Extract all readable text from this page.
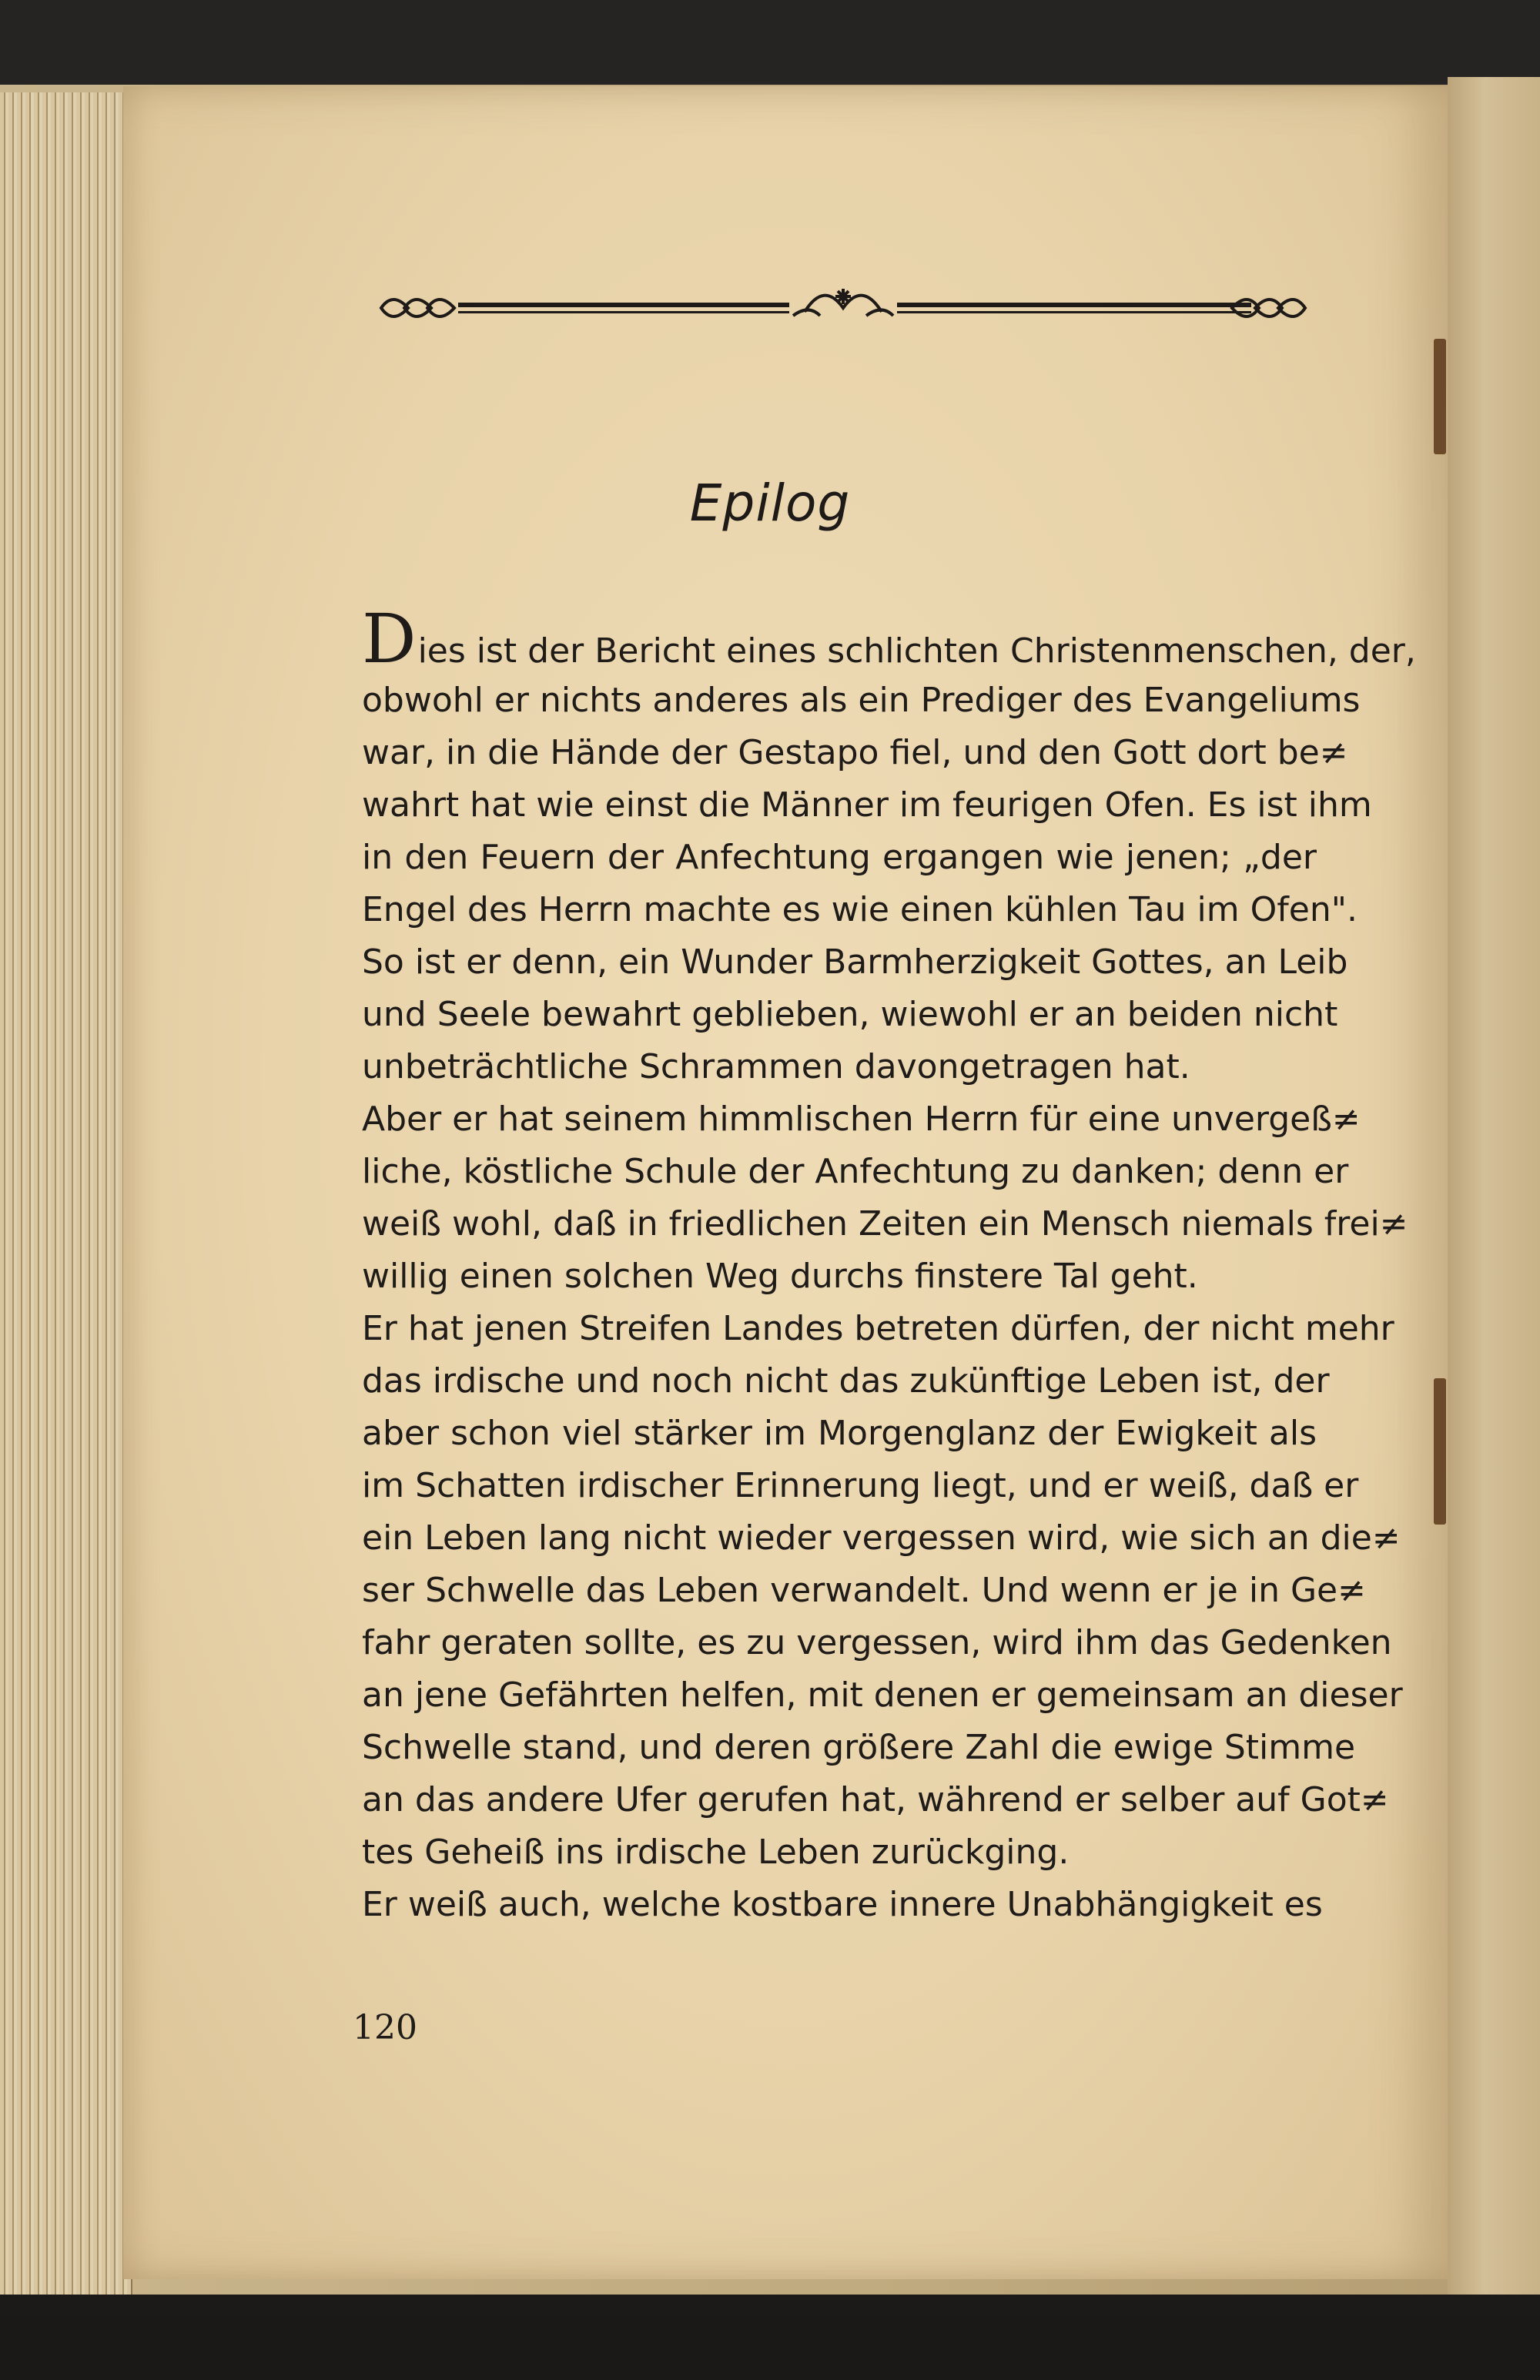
Epilog
Dies ist der Bericht eines schlichten Christenmenschen, der,
obwohl er nichts anderes als ein Prediger des Evangeliums
war, in die Hände der Gestapo fiel, und den Gott dort be≠
wahrt hat wie einst die Männer im feurigen Ofen. Es ist ihm
in den Feuern der Anfechtung ergangen wie jenen; „der
Engel des Herrn machte es wie einen kühlen Tau im Ofen".
So ist er denn, ein Wunder Barmherzigkeit Gottes, an Leib
und Seele bewahrt geblieben, wiewohl er an beiden nicht
unbeträchtliche Schrammen davongetragen hat.
Aber er hat seinem himmlischen Herrn für eine unvergeß≠
liche, köstliche Schule der Anfechtung zu danken; denn er
weiß wohl, daß in friedlichen Zeiten ein Mensch niemals frei≠
willig einen solchen Weg durchs finstere Tal geht.
Er hat jenen Streifen Landes betreten dürfen, der nicht mehr
das irdische und noch nicht das zukünftige Leben ist, der
aber schon viel stärker im Morgenglanz der Ewigkeit als
im Schatten irdischer Erinnerung liegt, und er weiß, daß er
ein Leben lang nicht wieder vergessen wird, wie sich an die≠
ser Schwelle das Leben verwandelt. Und wenn er je in Ge≠
fahr geraten sollte, es zu vergessen, wird ihm das Gedenken
an jene Gefährten helfen, mit denen er gemeinsam an dieser
Schwelle stand, und deren größere Zahl die ewige Stimme
an das andere Ufer gerufen hat, während er selber auf Got≠
tes Geheiß ins irdische Leben zurückging.
Er weiß auch, welche kostbare innere Unabhängigkeit es

120
